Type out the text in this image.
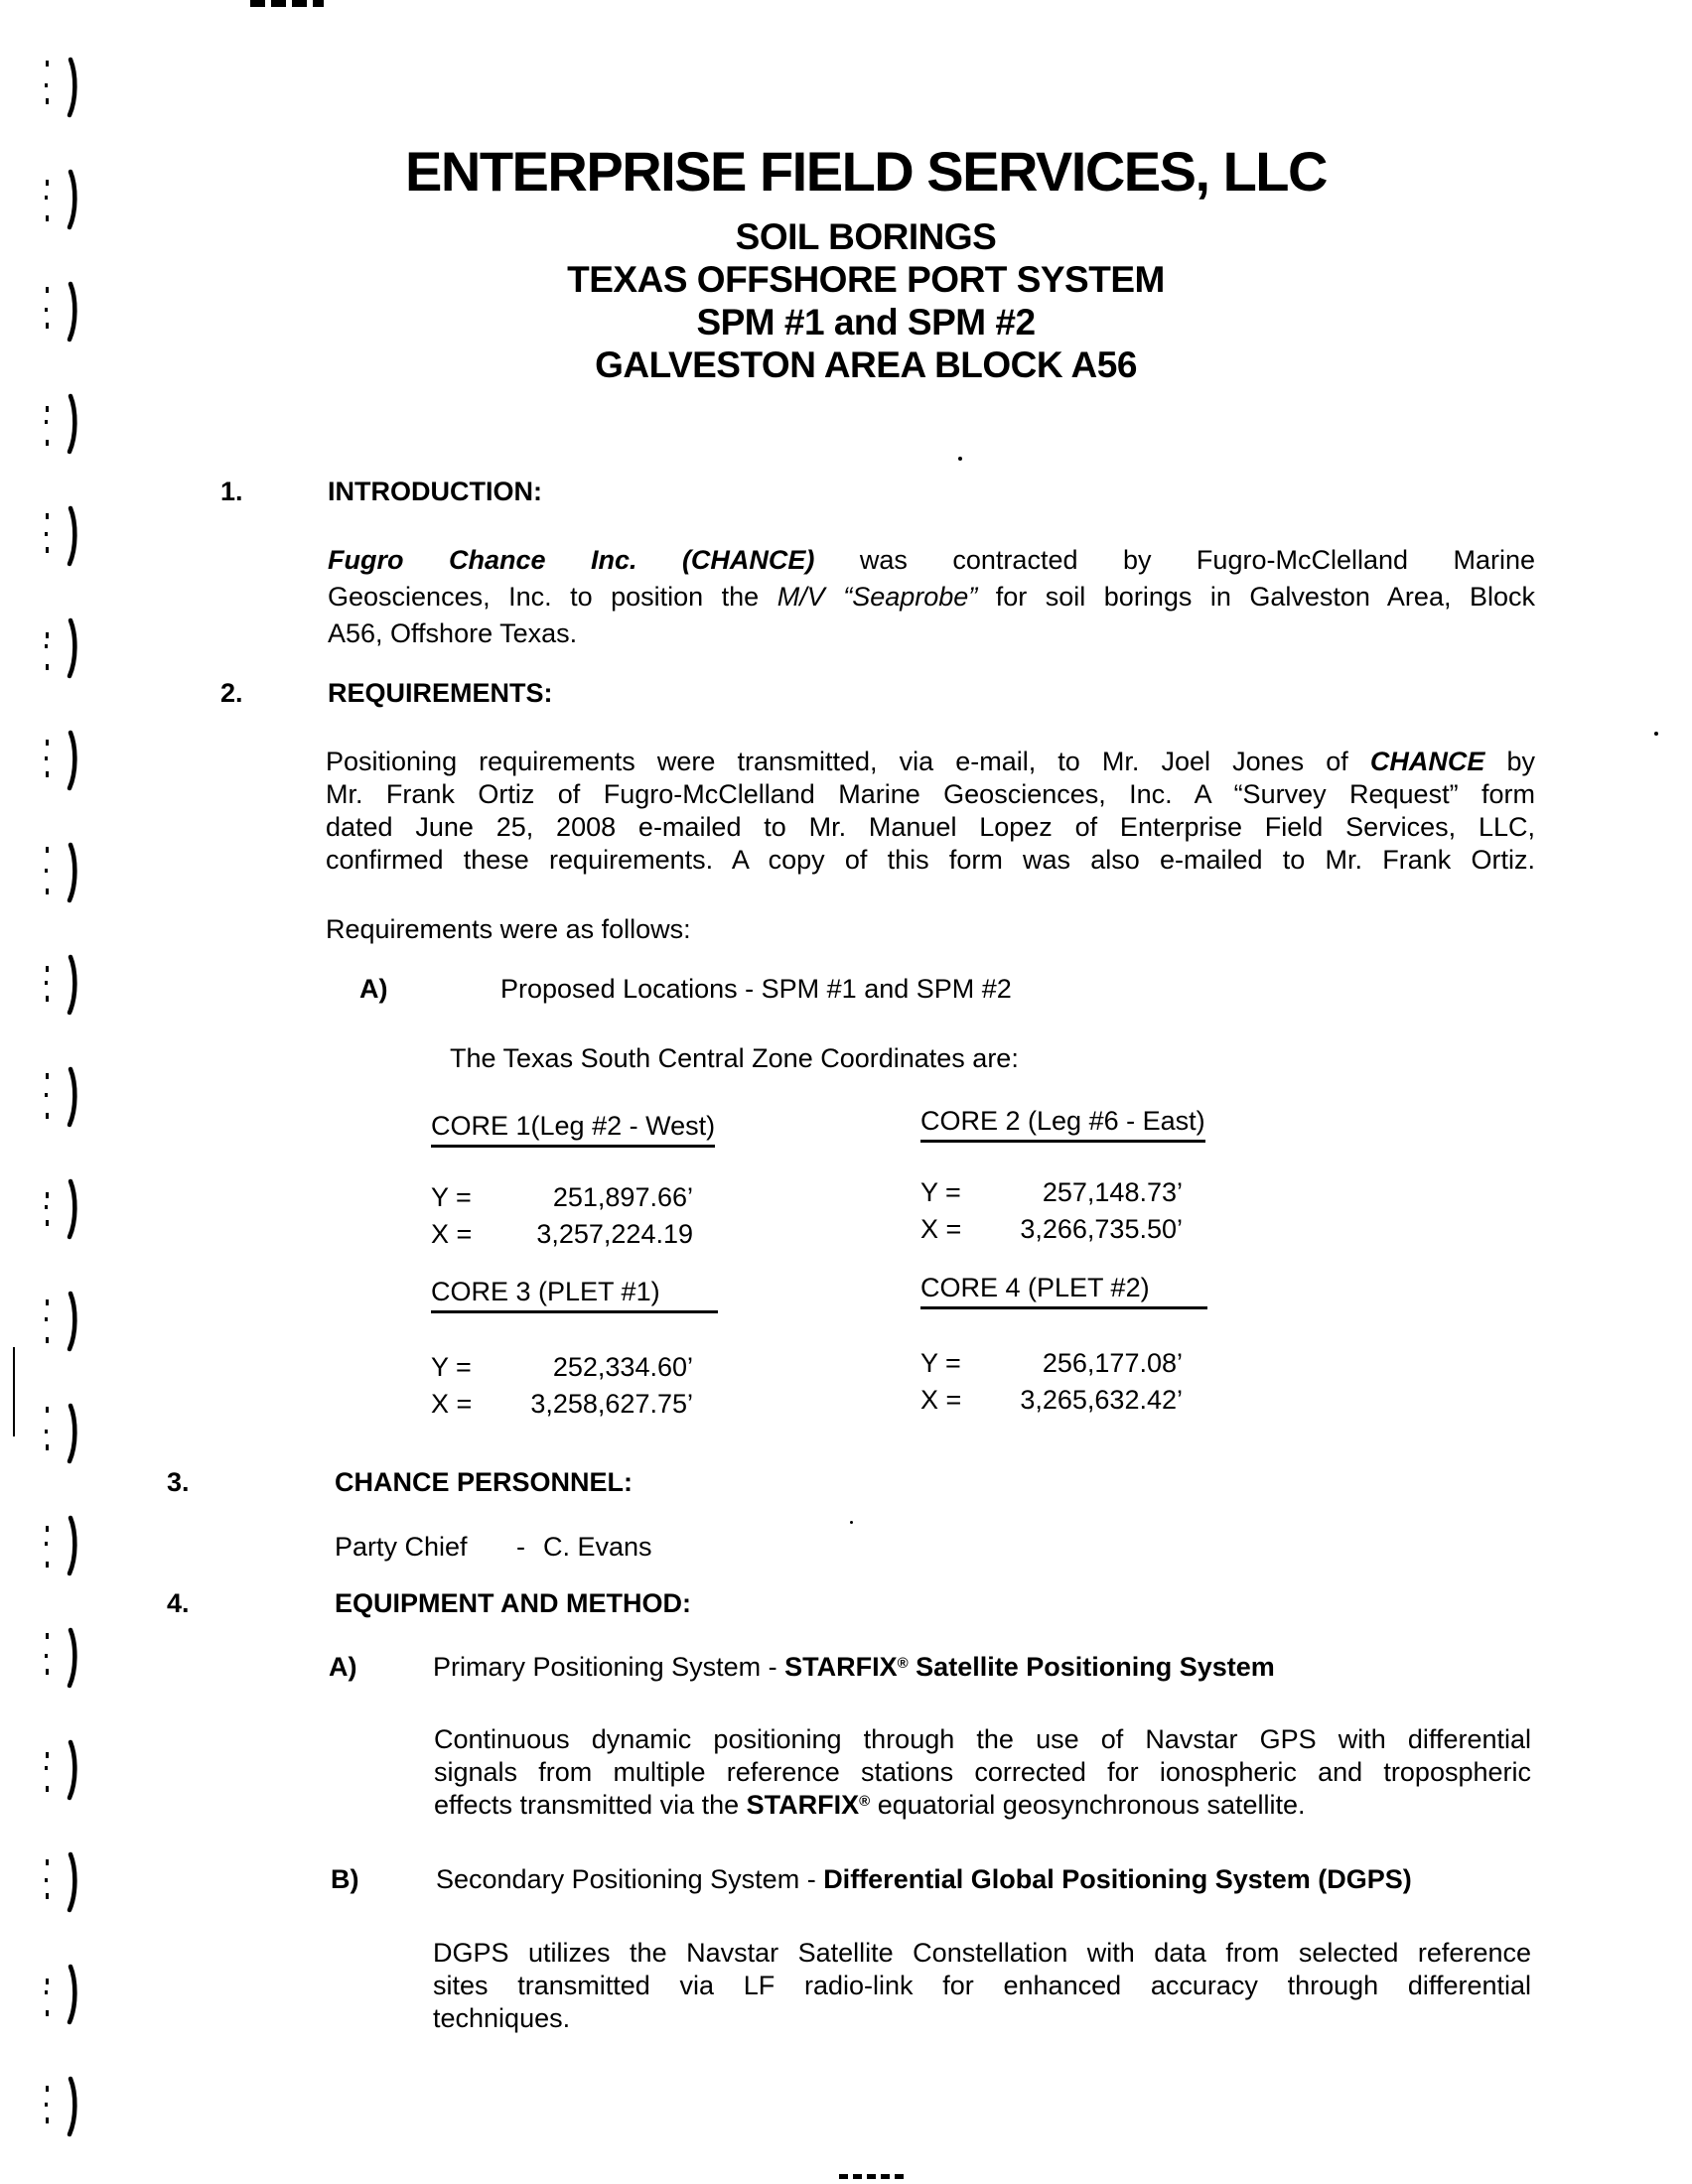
ENTERPRISE FIELD SERVICES, LLC
SOIL BORINGS
TEXAS OFFSHORE PORT SYSTEM
SPM #1 and SPM #2
GALVESTON AREA BLOCK A56
1.	INTRODUCTION:
Fugro Chance Inc. (CHANCE) was contracted by Fugro-McClelland Marine
Geosciences, Inc. to position the M/V “Seaprobe” for soil borings in Galveston Area, Block
A56, Offshore Texas.
2.	REQUIREMENTS:
Positioning requirements were transmitted, via e-mail, to Mr. Joel Jones of CHANCE by
Mr. Frank Ortiz of Fugro-McClelland Marine Geosciences, Inc. A “Survey Request” form
dated June 25, 2008 e-mailed to Mr. Manuel Lopez of Enterprise Field Services, LLC,
confirmed these requirements. A copy of this form was also e-mailed to Mr. Frank Ortiz.
Requirements were as follows:
A)	Proposed Locations - SPM #1 and SPM #2
The Texas South Central Zone Coordinates are:
CORE 1(Leg #2 - West)
Y =	251,897.66’
X =	3,257,224.19
CORE 2 (Leg #6 - East)
Y =	257,148.73’
X =	3,266,735.50’
CORE 3 (PLET #1)
Y =	252,334.60’
X =	3,258,627.75’
CORE 4 (PLET #2)
Y =	256,177.08’
X =	3,265,632.42’
3.	CHANCE PERSONNEL:
Party Chief - C. Evans
4.	EQUIPMENT AND METHOD:
A)	Primary Positioning System - STARFIX® Satellite Positioning System
Continuous dynamic positioning through the use of Navstar GPS with differential
signals from multiple reference stations corrected for ionospheric and tropospheric
effects transmitted via the STARFIX® equatorial geosynchronous satellite.
B)	Secondary Positioning System - Differential Global Positioning System (DGPS)
DGPS utilizes the Navstar Satellite Constellation with data from selected reference
sites transmitted via LF radio-link for enhanced accuracy through differential
techniques.
